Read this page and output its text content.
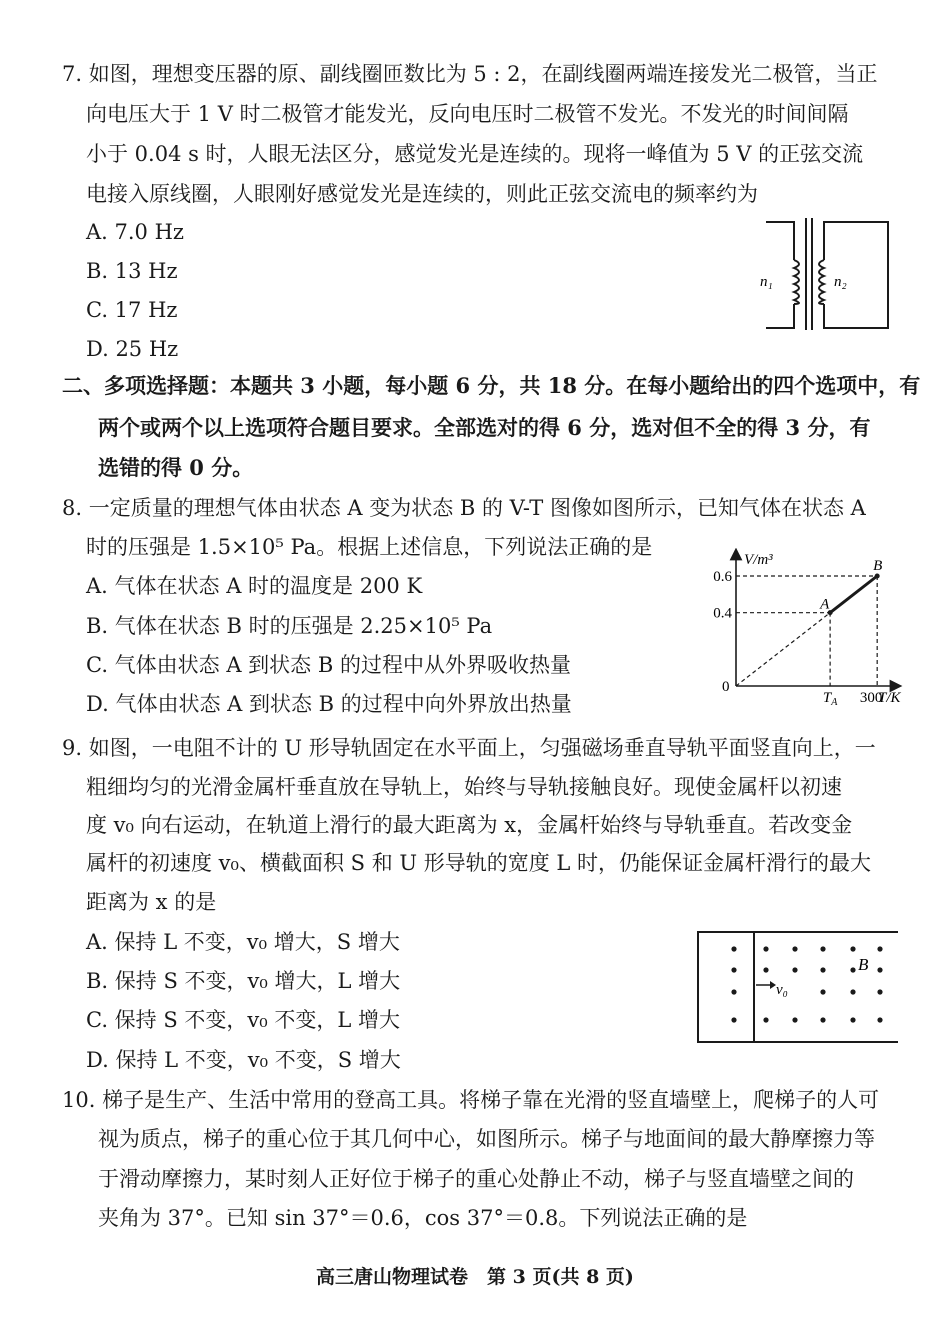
7. 如图，理想变压器的原、副线圈匝数比为 5 : 2，在副线圈两端连接发光二极管，当正
向电压大于 1 V 时二极管才能发光，反向电压时二极管不发光。不发光的时间间隔
小于 0.04 s 时，人眼无法区分，感觉发光是连续的。现将一峰值为 5 V 的正弦交流
电接入原线圈，人眼刚好感觉发光是连续的，则此正弦交流电的频率约为
A. 7.0 Hz
B. 13 Hz
C. 17 Hz
D. 25 Hz
n₁	n₂
二、多项选择题：本题共 3 小题，每小题 6 分，共 18 分。在每小题给出的四个选项中，有
两个或两个以上选项符合题目要求。全部选对的得 6 分，选对但不全的得 3 分，有
选错的得 0 分。
8. 一定质量的理想气体由状态 A 变为状态 B 的 V-T 图像如图所示，已知气体在状态 A
时的压强是 1.5×10⁵ Pa。根据上述信息，下列说法正确的是
A. 气体在状态 A 时的温度是 200 K
B. 气体在状态 B 时的压强是 2.25×10⁵ Pa
C. 气体由状态 A 到状态 B 的过程中从外界吸收热量
D. 气体由状态 A 到状态 B 的过程中向外界放出热量
V/m³
T/K
0
A
B
0.6
0.4
$T_A$ 300
9. 如图，一电阻不计的 U 形导轨固定在水平面上，匀强磁场垂直导轨平面竖直向上，一
粗细均匀的光滑金属杆垂直放在导轨上，始终与导轨接触良好。现使金属杆以初速
度 v₀ 向右运动，在轨道上滑行的最大距离为 x，金属杆始终与导轨垂直。若改变金
属杆的初速度 v₀、横截面积 S 和 U 形导轨的宽度 L 时，仍能保证金属杆滑行的最大
距离为 x 的是
A. 保持 L 不变，v₀ 增大，S 增大
B. 保持 S 不变，v₀ 增大，L 增大
C. 保持 S 不变，v₀ 不变，L 增大
D. 保持 L 不变，v₀ 不变，S 增大
v₀
B
10. 梯子是生产、生活中常用的登高工具。将梯子靠在光滑的竖直墙壁上，爬梯子的人可
视为质点，梯子的重心位于其几何中心，如图所示。梯子与地面间的最大静摩擦力等
于滑动摩擦力，某时刻人正好位于梯子的重心处静止不动，梯子与竖直墙壁之间的
夹角为 37°。已知 sin 37°＝0.6，cos 37°＝0.8。下列说法正确的是
高三唐山物理试卷　第 3 页(共 8 页)
